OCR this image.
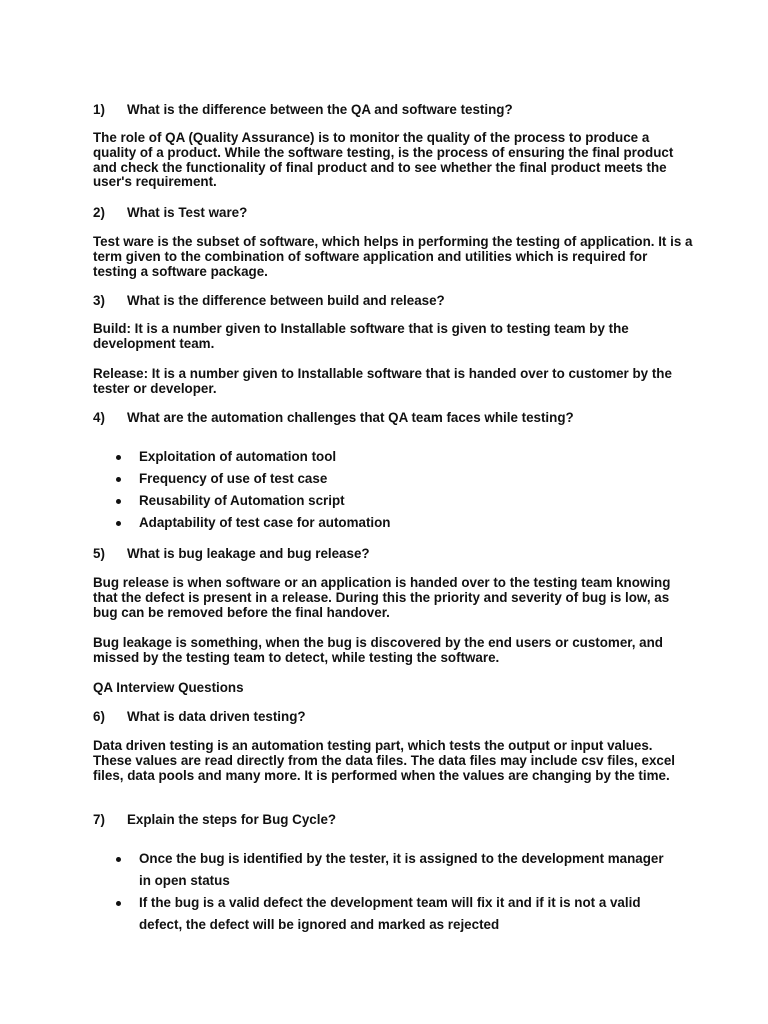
1) What is the difference between the QA and software testing?
The role of QA (Quality Assurance) is to monitor the quality of the process to produce a quality of a product. While the software testing, is the process of ensuring the final product and check the functionality of final product and to see whether the final product meets the user's requirement.
2) What is Test ware?
Test ware is the subset of software, which helps in performing the testing of application. It is a term given to the combination of software application and utilities which is required for testing a software package.
3) What is the difference between build and release?
Build: It is a number given to Installable software that is given to testing team by the development team.
Release: It is a number given to Installable software that is handed over to customer by the tester or developer.
4) What are the automation challenges that QA team faces while testing?
Exploitation of automation tool
Frequency of use of test case
Reusability of Automation script
Adaptability of test case for automation
5) What is bug leakage and bug release?
Bug release is when software or an application is handed over to the testing team knowing that the defect is present in a release. During this the priority and severity of bug is low, as bug can be removed before the final handover.
Bug leakage is something, when the bug is discovered by the end users or customer, and missed by the testing team to detect, while testing the software.
QA Interview Questions
6) What is data driven testing?
Data driven testing is an automation testing part, which tests the output or input values. These values are read directly from the data files. The data files may include csv files, excel files, data pools and many more. It is performed when the values are changing by the time.
7) Explain the steps for Bug Cycle?
Once the bug is identified by the tester, it is assigned to the development manager in open status
If the bug is a valid defect the development team will fix it and if it is not a valid defect, the defect will be ignored and marked as rejected
